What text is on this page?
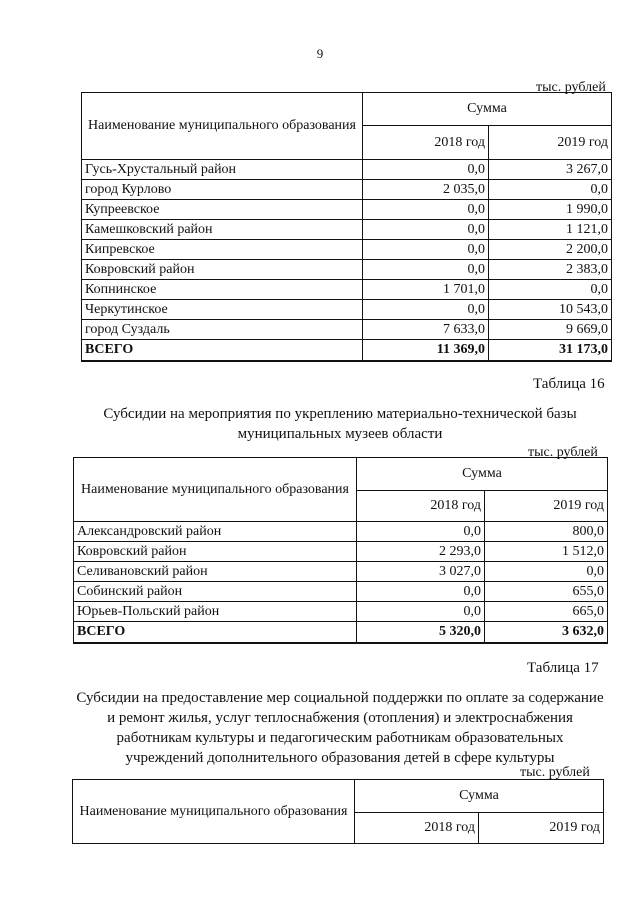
9
тыс. рублей
Наименование муниципального образования	Сумма	
	2018 год	2019 год
Гусь-Хрустальный район	0,0	3 267,0
город Курлово	2 035,0	0,0
Купреевское	0,0	1 990,0
Камешковский район	0,0	1 121,0
Кипревское	0,0	2 200,0
Ковровский район	0,0	2 383,0
Копнинское	1 701,0	0,0
Черкутинское	0,0	10 543,0
город Суздаль	7 633,0	9 669,0
ВСЕГО	11 369,0	31 173,0
Таблица 16
Субсидии на мероприятия по укреплению материально-технической базы
муниципальных музеев области
тыс. рублей
Наименование муниципального образования	Сумма	
	2018 год	2019 год
Александровский район	0,0	800,0
Ковровский район	2 293,0	1 512,0
Селивановский район	3 027,0	0,0
Собинский район	0,0	655,0
Юрьев-Польский район	0,0	665,0
ВСЕГО	5 320,0	3 632,0
Таблица 17
Субсидии на предоставление мер социальной поддержки по оплате за содержание
и ремонт жилья, услуг теплоснабжения (отопления) и электроснабжения
работникам культуры и педагогическим работникам образовательных
учреждений дополнительного образования детей в сфере культуры
тыс. рублей
Наименование муниципального образования	Сумма	
	2018 год	2019 год
